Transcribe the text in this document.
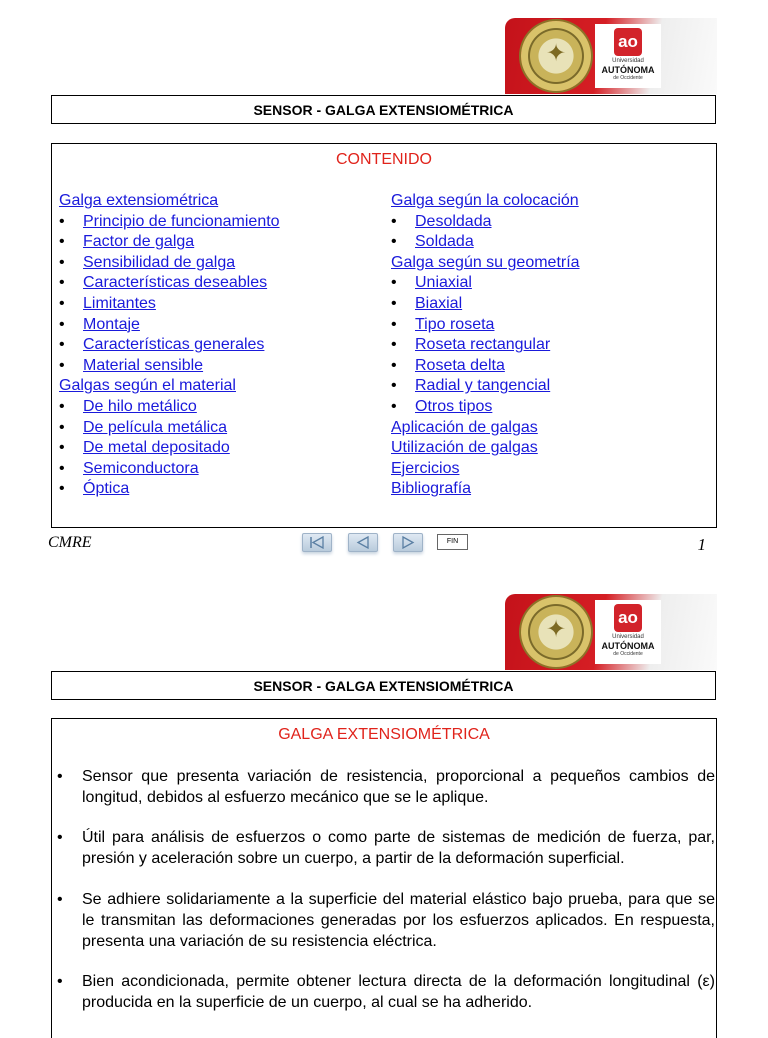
✦	ao
Universidad
AUTÓNOMA
de Occidente
SENSOR - GALGA EXTENSIOMÉTRICA
CONTENIDO
Galga extensiométrica
• Principio de funcionamiento
• Factor de galga
• Sensibilidad de galga
• Características deseables
• Limitantes
• Montaje
• Características generales
• Material sensible
Galgas según el material
• De hilo metálico
• De película metálica
• De metal depositado
• Semiconductora
• Óptica
Galga según la colocación
• Desoldada
• Soldada
Galga según su geometría
• Uniaxial
• Biaxial
• Tipo roseta
• Roseta rectangular
• Roseta delta
• Radial y tangencial
• Otros tipos
Aplicación de galgas
Utilización de galgas
Ejercicios
Bibliografía
CMRE	FIN	1
✦	ao
Universidad
AUTÓNOMA
de Occidente
SENSOR - GALGA EXTENSIOMÉTRICA
GALGA EXTENSIOMÉTRICA
• Sensor que presenta variación de resistencia, proporcional a pequeños cambios de longitud, debidos al esfuerzo mecánico que se le aplique.
• Útil para análisis de esfuerzos o como parte de sistemas de medición de fuerza, par, presión y aceleración sobre un cuerpo, a partir de la deformación superficial.
• Se adhiere solidariamente a la superficie del material elástico bajo prueba, para que se le transmitan las deformaciones generadas por los esfuerzos aplicados. En respuesta, presenta una variación de su resistencia eléctrica.
• Bien acondicionada, permite obtener lectura directa de la deformación longitudinal (ε) producida en la superficie de un cuerpo, al cual se ha adherido.
